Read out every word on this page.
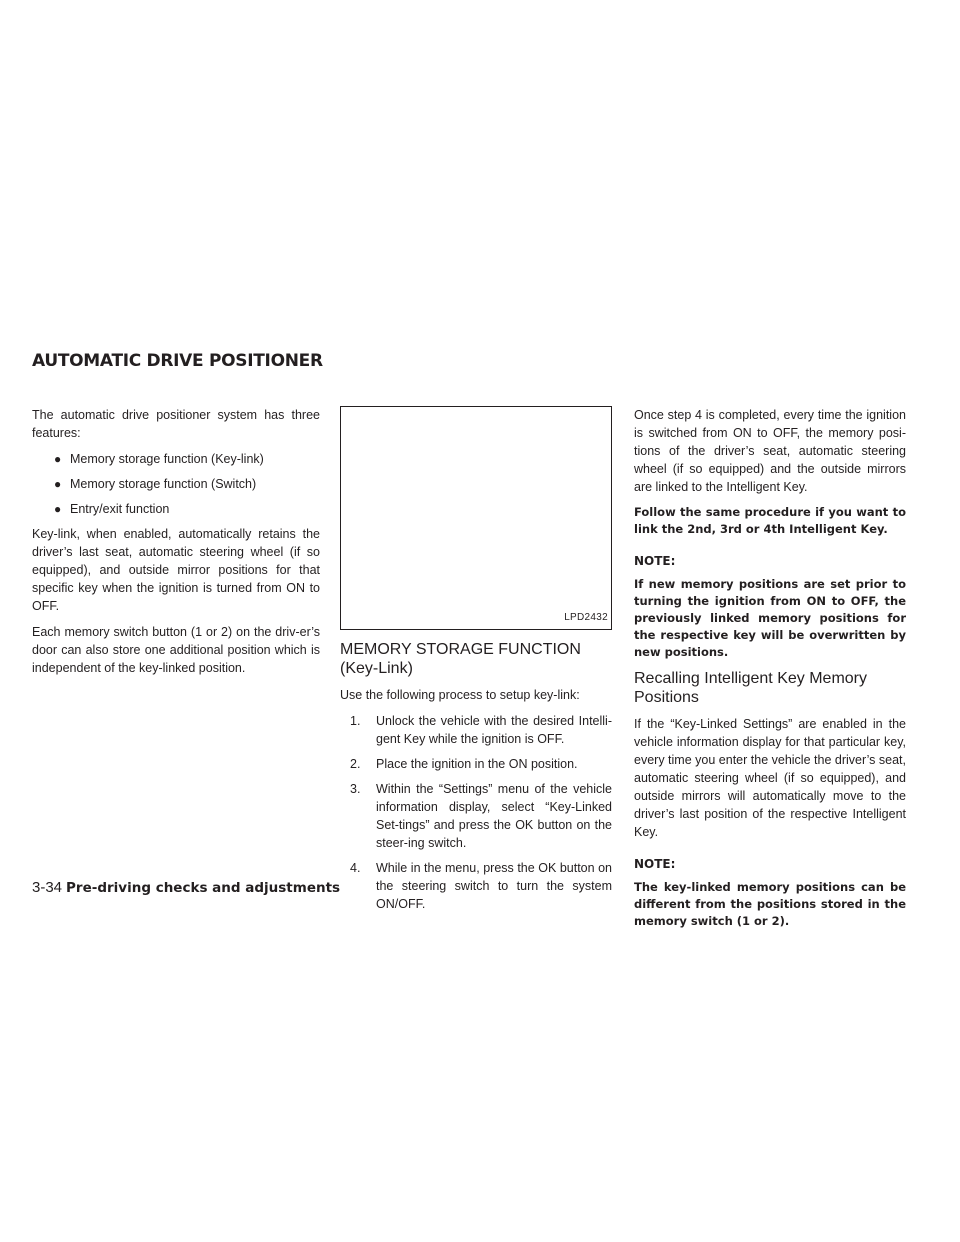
AUTOMATIC DRIVE POSITIONER

The automatic drive positioner system has three features:

● Memory storage function (Key-link)
● Memory storage function (Switch)
● Entry/exit function

Key-link, when enabled, automatically retains the driver’s last seat, automatic steering wheel (if so equipped), and outside mirror positions for that specific key when the ignition is turned from ON to OFF.

Each memory switch button (1 or 2) on the driv-er’s door can also store one additional position which is independent of the key-linked position.

LPD2432
MEMORY STORAGE FUNCTION (Key-Link)

Use the following process to setup key-link:

1. Unlock the vehicle with the desired Intelli-gent Key while the ignition is OFF.
2. Place the ignition in the ON position.
3. Within the “Settings” menu of the vehicle information display, select “Key-Linked Set-tings” and press the OK button on the steer-ing switch.
4. While in the menu, press the OK button on the steering switch to turn the system ON/OFF.

Once step 4 is completed, every time the ignition is switched from ON to OFF, the memory posi-tions of the driver’s seat, automatic steering wheel (if so equipped) and the outside mirrors are linked to the Intelligent Key.

Follow the same procedure if you want to link the 2nd, 3rd or 4th Intelligent Key.

NOTE:

If new memory positions are set prior to turning the ignition from ON to OFF, the previously linked memory positions for the respective key will be overwritten by new positions.

Recalling Intelligent Key Memory Positions

If the “Key-Linked Settings” are enabled in the vehicle information display for that particular key, every time you enter the vehicle the driver’s seat, automatic steering wheel (if so equipped), and outside mirrors will automatically move to the driver’s last position of the respective Intelligent Key.

NOTE:

The key-linked memory positions can be different from the positions stored in the memory switch (1 or 2).

3-34 Pre-driving checks and adjustments
